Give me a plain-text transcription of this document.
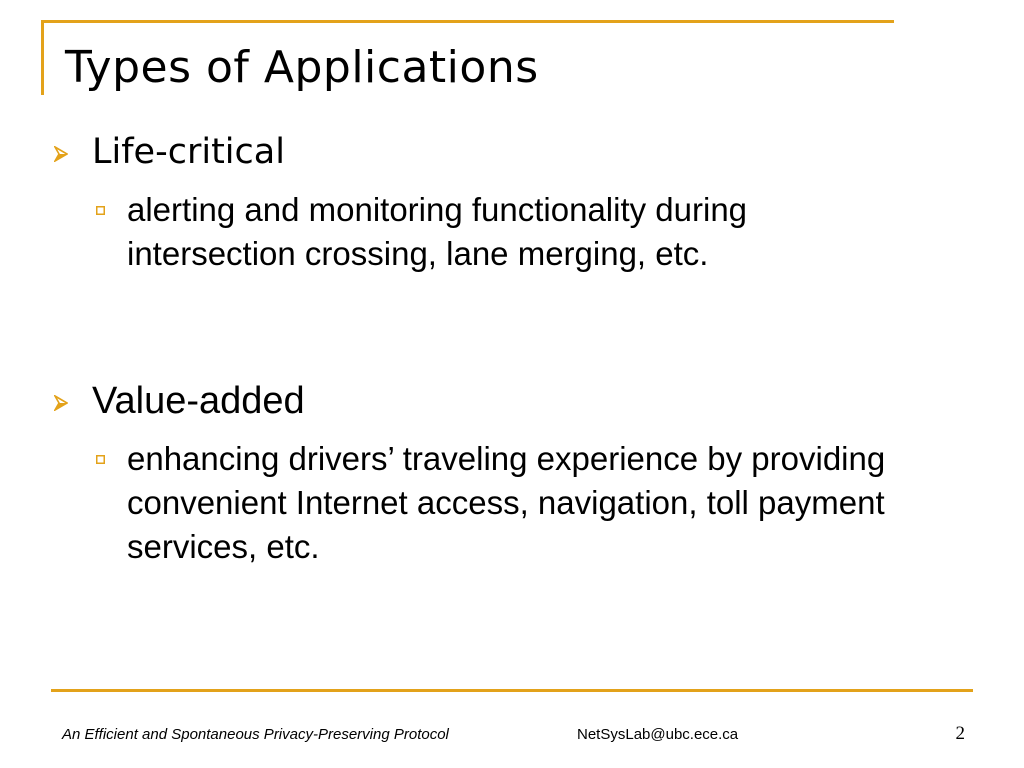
Types of Applications
Life-critical
alerting and monitoring functionality during
intersection crossing, lane merging, etc.
Value-added
enhancing drivers’ traveling experience by providing
convenient Internet access, navigation, toll payment
services, etc.
An Efficient and Spontaneous Privacy-Preserving Protocol	NetSysLab@ubc.ece.ca	2
